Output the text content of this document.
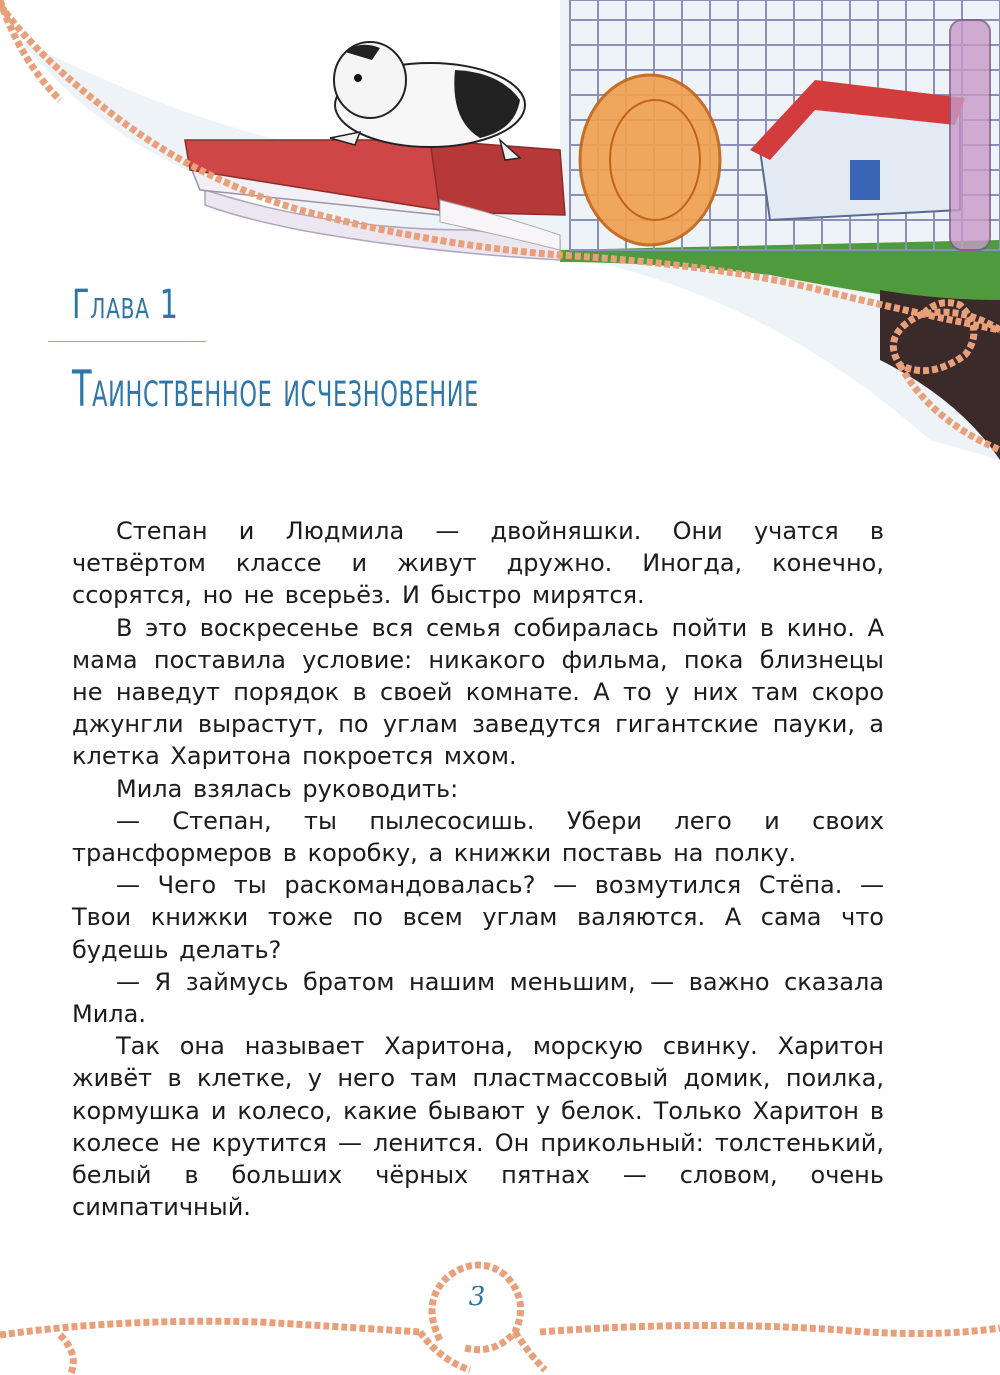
Глава 1
Таинственное исчезновение

Степан и Людмила — двойняшки. Они учатся в четвёртом классе и живут дружно. Иногда, конечно, ссорятся, но не всерьёз. И быстро мирятся.

В это воскресенье вся семья собиралась пойти в кино. А мама поставила условие: никакого фильма, пока близнецы не наведут порядок в своей комнате. А то у них там скоро джунгли вырастут, по углам заведутся гигантские пауки, а клетка Харитона покроется мхом.

Мила взялась руководить:

— Степан, ты пылесосишь. Убери лего и своих трансформеров в коробку, а книжки поставь на полку.

— Чего ты раскомандовалась? — возмутился Стёпа. — Твои книжки тоже по всем углам валяются. А сама что будешь делать?

— Я займусь братом нашим меньшим, — важно сказала Мила.

Так она называет Харитона, морскую свинку. Харитон живёт в клетке, у него там пластмассовый домик, поилка, кормушка и колесо, какие бывают у белок. Только Харитон в колесе не крутится — ленится. Он прикольный: толстенький, белый в больших чёрных пятнах — словом, очень симпатичный.

3
